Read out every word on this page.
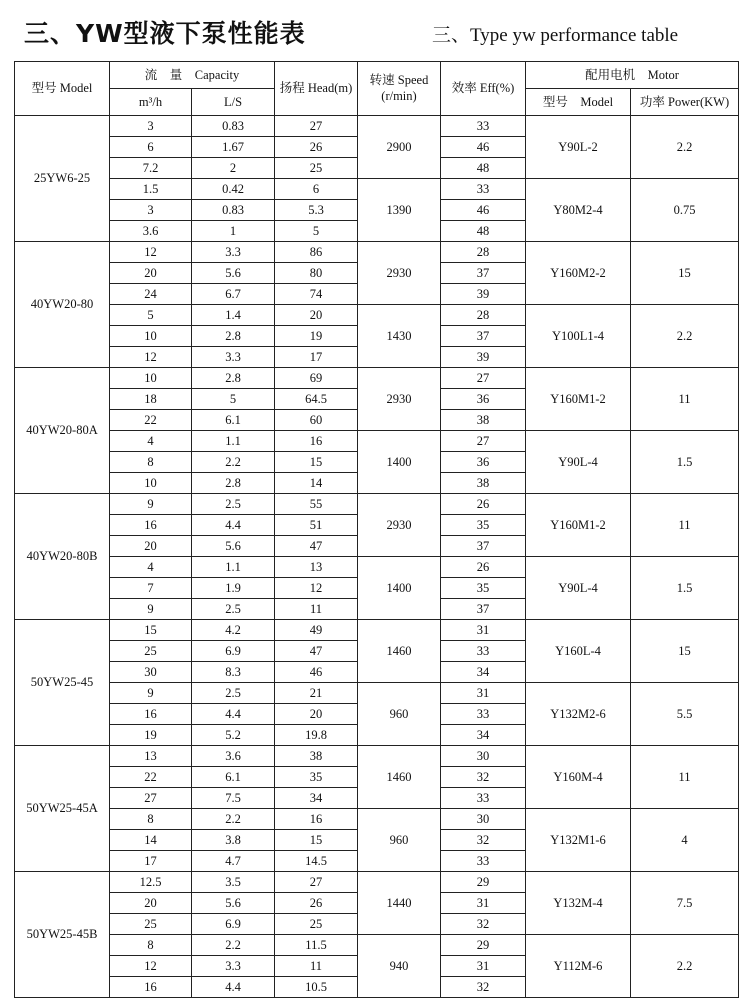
三、YW型液下泵性能表	三、Type yw performance table
型号 Model	流　量　Capacity		扬程 Head(m)	转速 Speed
(r/min)	效率 Eff(%)	配用电机　Motor	
	m³/h	L/S				型号　Model	功率 Power(KW)
25YW6-25	3	0.83	27	2900	33	Y90L-2	2.2
	6	1.67	26		46		
	7.2	2	25		48		
	1.5	0.42	6	1390	33	Y80M2-4	0.75
	3	0.83	5.3		46		
	3.6	1	5		48		
40YW20-80	12	3.3	86	2930	28	Y160M2-2	15
	20	5.6	80		37		
	24	6.7	74		39		
	5	1.4	20	1430	28	Y100L1-4	2.2
	10	2.8	19		37		
	12	3.3	17		39		
40YW20-80A	10	2.8	69	2930	27	Y160M1-2	11
	18	5	64.5		36		
	22	6.1	60		38		
	4	1.1	16	1400	27	Y90L-4	1.5
	8	2.2	15		36		
	10	2.8	14		38		
40YW20-80B	9	2.5	55	2930	26	Y160M1-2	11
	16	4.4	51		35		
	20	5.6	47		37		
	4	1.1	13	1400	26	Y90L-4	1.5
	7	1.9	12		35		
	9	2.5	11		37		
50YW25-45	15	4.2	49	1460	31	Y160L-4	15
	25	6.9	47		33		
	30	8.3	46		34		
	9	2.5	21	960	31	Y132M2-6	5.5
	16	4.4	20		33		
	19	5.2	19.8		34		
50YW25-45A	13	3.6	38	1460	30	Y160M-4	11
	22	6.1	35		32		
	27	7.5	34		33		
	8	2.2	16	960	30	Y132M1-6	4
	14	3.8	15		32		
	17	4.7	14.5		33		
50YW25-45B	12.5	3.5	27	1440	29	Y132M-4	7.5
	20	5.6	26		31		
	25	6.9	25		32		
	8	2.2	11.5	940	29	Y112M-6	2.2
	12	3.3	11		31		
	16	4.4	10.5		32		
